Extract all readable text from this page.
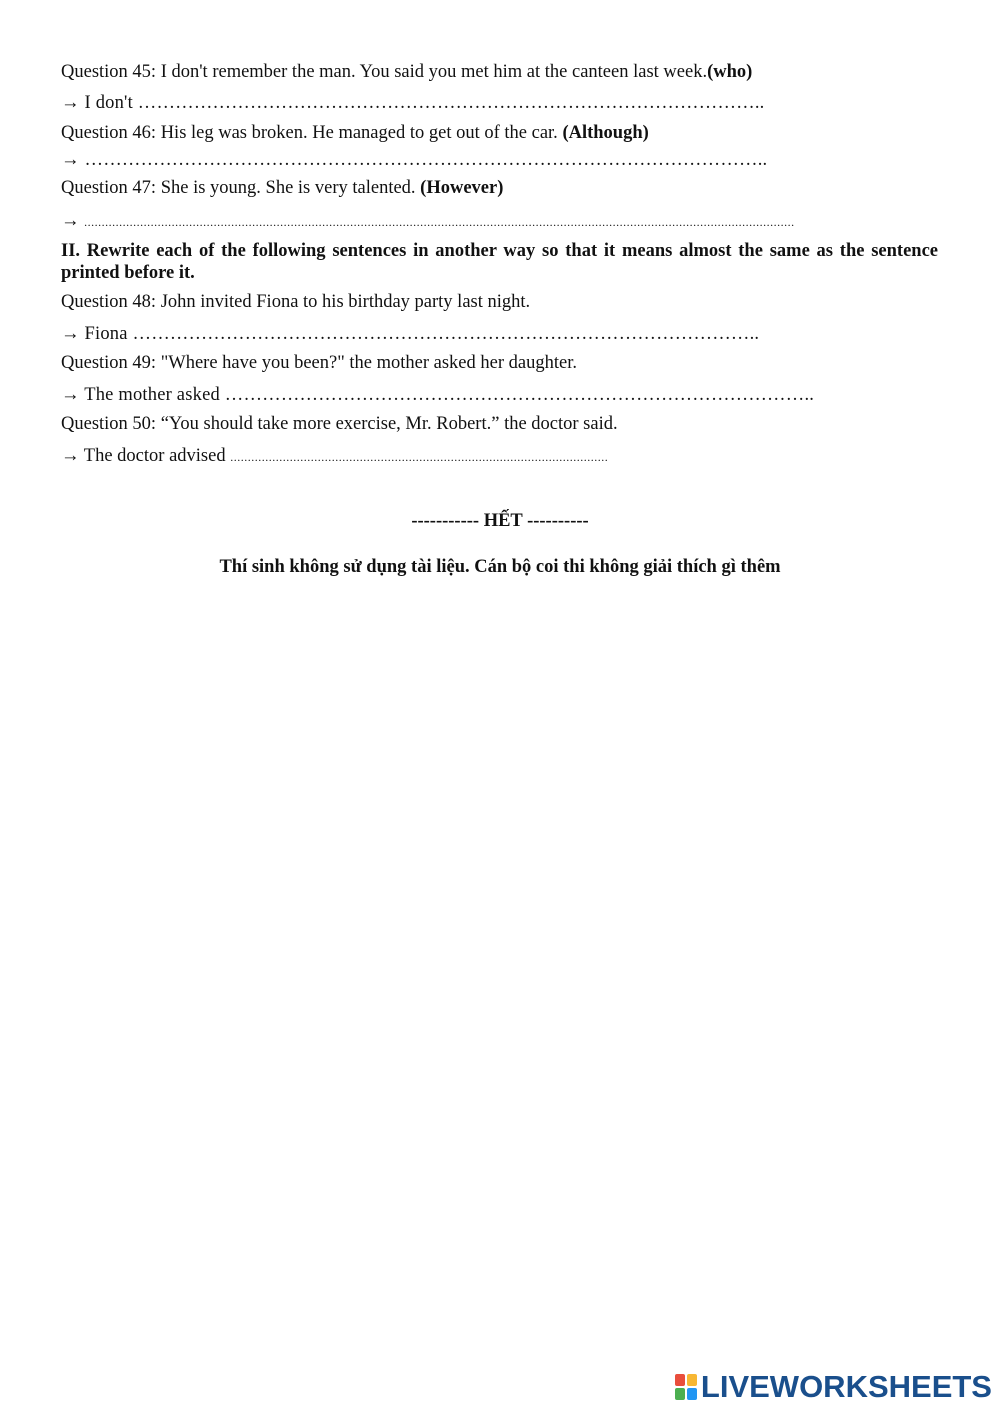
Question 45: I don't remember the man. You said you met him at the canteen last week.(who)
→ I don't ………………………………………………………………………………………..
Question 46: His leg was broken. He managed to get out of the car. (Although)
→ ………………………………………………………………………………………………..
Question 47: She is young. She is very talented. (However)
→ ...........................................................................................................................................................................................................
II. Rewrite each of the following sentences in another way so that it means almost the same as the sentence printed before it.
Question 48: John invited Fiona to his birthday party last night.
→ Fiona ………………………………………………………………………………………..
Question 49: "Where have you been?" the mother asked her daughter.
→ The mother asked …………………………………………………………………………………..
Question 50: “You should take more exercise, Mr. Robert.” the doctor said.
→ The doctor advised ............................................................................................................
----------- HẾT ----------
Thí sinh không sử dụng tài liệu. Cán bộ coi thi không giải thích gì thêm
LIVEWORKSHEETS
